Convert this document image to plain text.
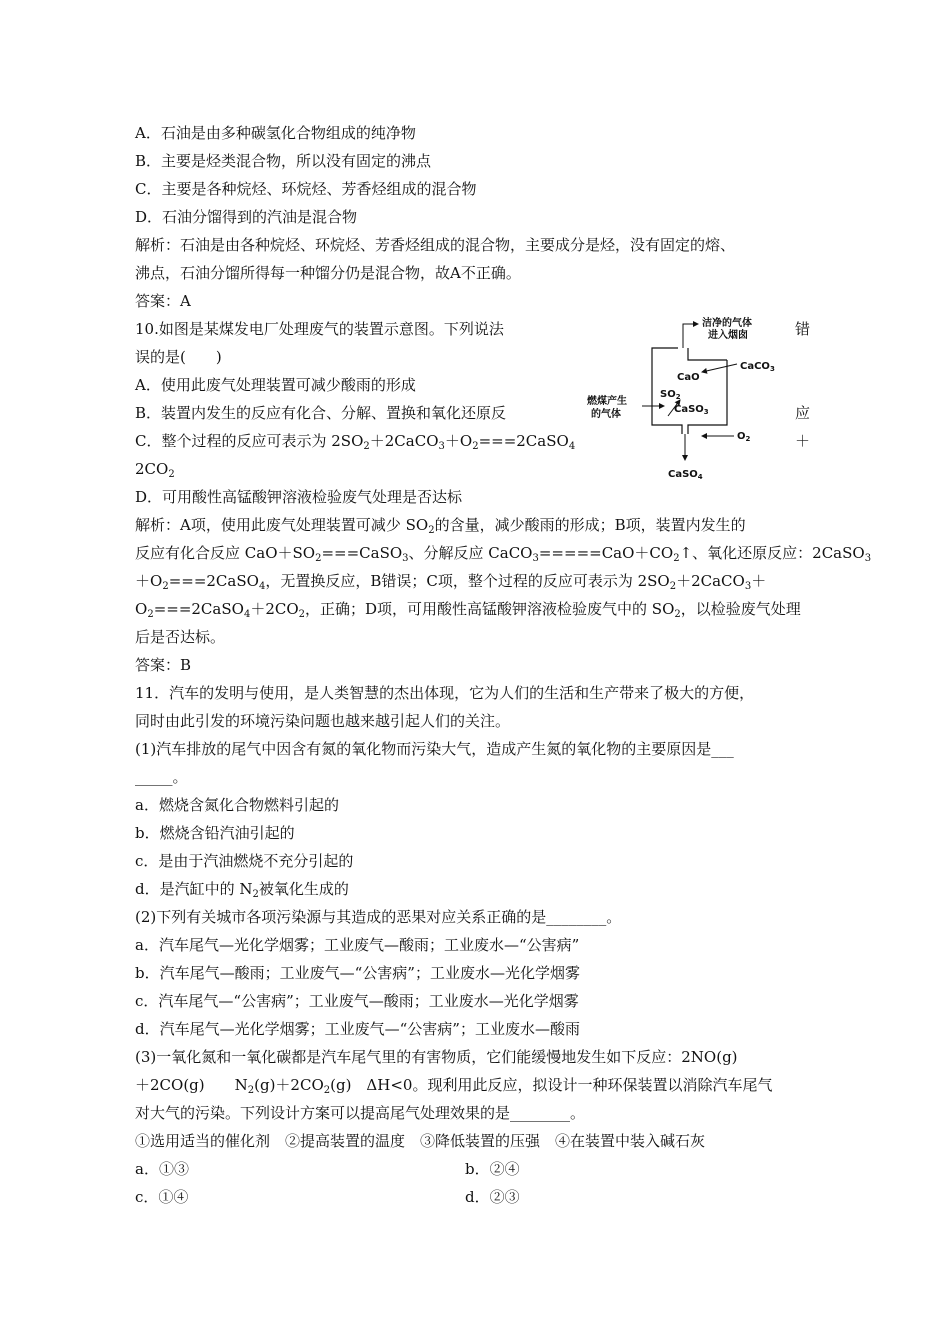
A．石油是由多种碳氢化合物组成的纯净物
B．主要是烃类混合物，所以没有固定的沸点
C．主要是各种烷烃、环烷烃、芳香烃组成的混合物
D．石油分馏得到的汽油是混合物
解析：石油是由各种烷烃、环烷烃、芳香烃组成的混合物，主要成分是烃，没有固定的熔、
沸点，石油分馏所得每一种馏分仍是混合物，故A不正确。
答案：A
10.如图是某煤发电厂处理废气的装置示意图。下列说法	错
误的是(　　)
A．使用此废气处理装置可减少酸雨的形成
B．装置内发生的反应有化合、分解、置换和氧化还原反	应
C．整个过程的反应可表示为 $2SO_2+2CaCO_3+O_2===2CaSO_4$	＋
$2CO_2$
D．可用酸性高锰酸钾溶液检验废气处理是否达标
解析：A项，使用此废气处理装置可减少 $SO_2$的含量，减少酸雨的形成；B项，装置内发生的
反应有化合反应 $CaO+SO_2===CaSO_3$、分解反应 $CaCO_3=====CaO+CO_2↑$、氧化还原反应：2CaSO$_3$
$+O_2===2CaSO_4$，无置换反应，B错误；C项，整个过程的反应可表示为 $2SO_2+2CaCO_3+$
$O_2===2CaSO_4+2CO_2$，正确；D项，可用酸性高锰酸钾溶液检验废气中的 $SO_2$，以检验废气处理
后是否达标。
答案：B
洁净的气体
进入烟囱
CaCO$_3$
CaO
$SO_2$
燃煤产生
的气体	CaSO$_3$
$O_2$
CaSO$_4$
11．汽车的发明与使用，是人类智慧的杰出体现，它为人们的生活和生产带来了极大的方便，
同时由此引发的环境污染问题也越来越引起人们的关注。
(1)汽车排放的尾气中因含有氮的氧化物而污染大气，造成产生氮的氧化物的主要原因是___
_____。
a．燃烧含氮化合物燃料引起的
b．燃烧含铅汽油引起的
c．是由于汽油燃烧不充分引起的
d．是汽缸中的 $N_2$被氧化生成的
(2)下列有关城市各项污染源与其造成的恶果对应关系正确的是________。
a．汽车尾气—光化学烟雾；工业废气—酸雨；工业废水—“公害病”
b．汽车尾气—酸雨；工业废气—“公害病”；工业废水—光化学烟雾
c．汽车尾气—“公害病”；工业废气—酸雨；工业废水—光化学烟雾
d．汽车尾气—光化学烟雾；工业废气—“公害病”；工业废水—酸雨
(3)一氧化氮和一氧化碳都是汽车尾气里的有害物质，它们能缓慢地发生如下反应：2NO(g)
＋2CO(g)　　$N_2(g)+2CO_2(g)$　ΔH<0。现利用此反应，拟设计一种环保装置以消除汽车尾气
对大气的污染。下列设计方案可以提高尾气处理效果的是________。
①选用适当的催化剂　②提高装置的温度　③降低装置的压强　④在装置中装入碱石灰
a．①③	b．②④
c．①④	d．②③
